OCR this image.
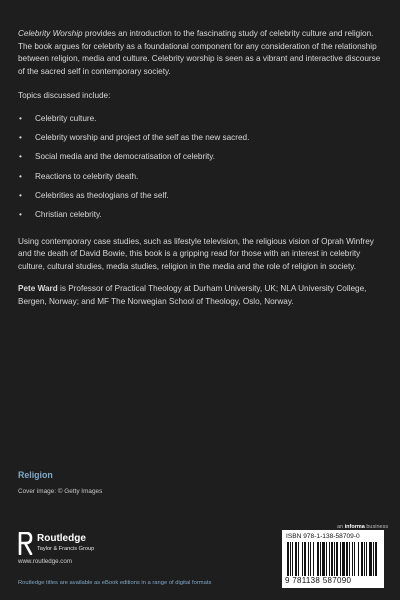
Celebrity Worship provides an introduction to the fascinating study of celebrity culture and religion. The book argues for celebrity as a foundational component for any consideration of the relationship between religion, media and culture. Celebrity worship is seen as a vibrant and interactive discourse of the sacred self in contemporary society.

Topics discussed include:

• Celebrity culture.
• Celebrity worship and project of the self as the new sacred.
• Social media and the democratisation of celebrity.
• Reactions to celebrity death.
• Celebrities as theologians of the self.
• Christian celebrity.

Using contemporary case studies, such as lifestyle television, the religious vision of Oprah Winfrey and the death of David Bowie, this book is a gripping read for those with an interest in celebrity culture, cultural studies, media studies, religion in the media and the role of religion in society.

Pete Ward is Professor of Practical Theology at Durham University, UK; NLA University College, Bergen, Norway; and MF The Norwegian School of Theology, Oslo, Norway.

Religion
Cover image: © Getty Images
an informa business
Routledge
Taylor & Francis Group
www.routledge.com
ISBN 978-1-138-58709-0
9 781138 587090
Routledge titles are available as eBook editions in a range of digital formats
